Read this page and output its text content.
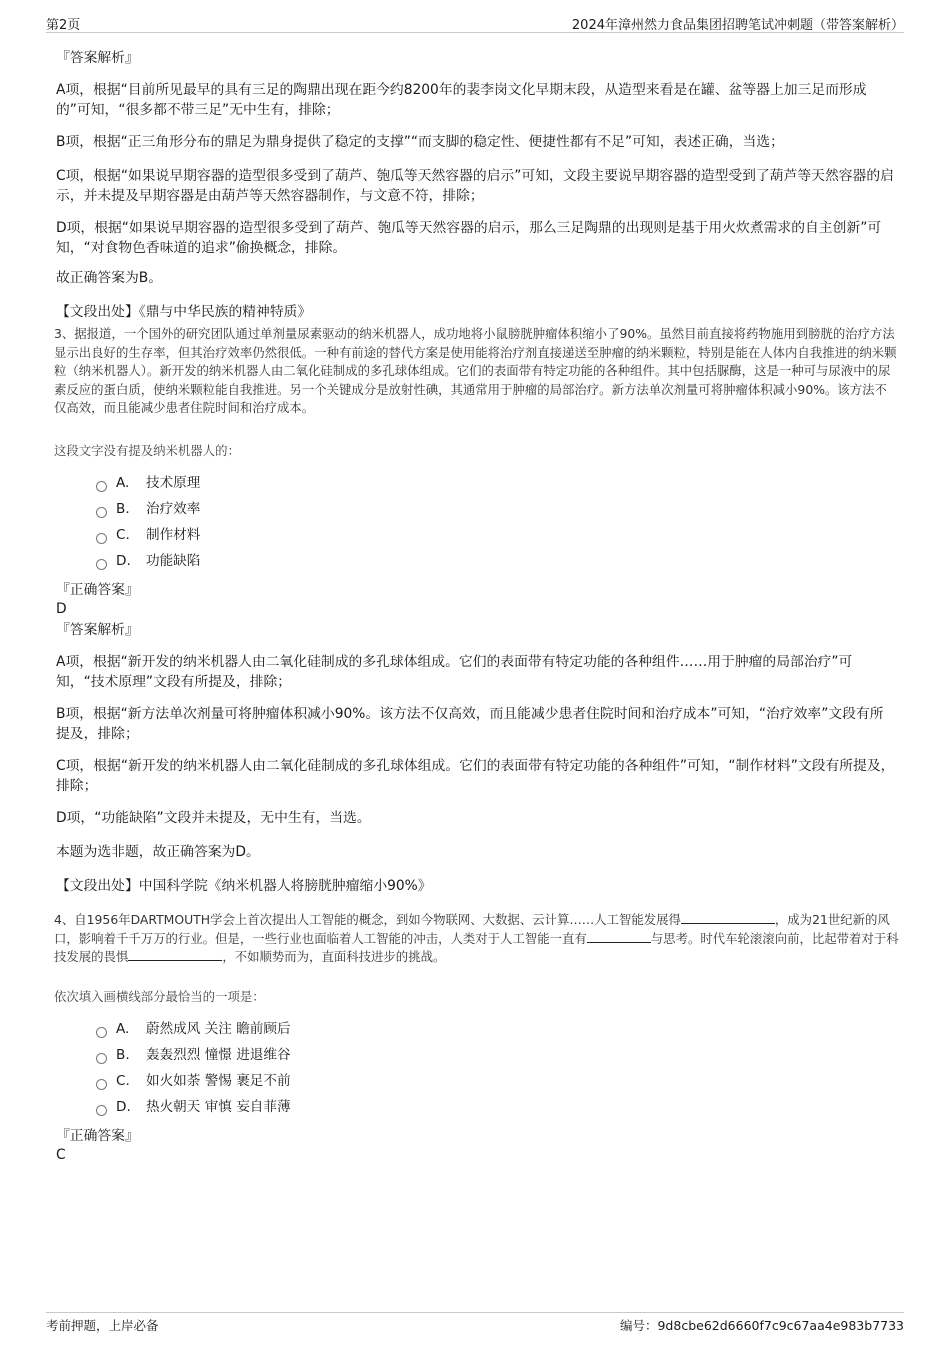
第2页	2024年漳州然力食品集团招聘笔试冲刺题（带答案解析）

『答案解析』

A项，根据“目前所见最早的具有三足的陶鼎出现在距今约8200年的裴李岗文化早期末段，从造型来看是在罐、盆等器上加三足而形成的”可知，“很多都不带三足”无中生有，排除；

B项，根据“正三角形分布的鼎足为鼎身提供了稳定的支撑”“而支脚的稳定性、便捷性都有不足”可知，表述正确，当选；

C项，根据“如果说早期容器的造型很多受到了葫芦、匏瓜等天然容器的启示”可知，文段主要说早期容器的造型受到了葫芦等天然容器的启示，并未提及早期容器是由葫芦等天然容器制作，与文意不符，排除；

D项，根据“如果说早期容器的造型很多受到了葫芦、匏瓜等天然容器的启示，那么三足陶鼎的出现则是基于用火炊煮需求的自主创新”可知，“对食物色香味道的追求”偷换概念，排除。

故正确答案为B。

【文段出处】《鼎与中华民族的精神特质》

3、据报道，一个国外的研究团队通过单剂量尿素驱动的纳米机器人，成功地将小鼠膀胱肿瘤体积缩小了90%。虽然目前直接将药物施用到膀胱的治疗方法显示出良好的生存率，但其治疗效率仍然很低。一种有前途的替代方案是使用能将治疗剂直接递送至肿瘤的纳米颗粒，特别是能在人体内自我推进的纳米颗粒（纳米机器人）。新开发的纳米机器人由二氧化硅制成的多孔球体组成。它们的表面带有特定功能的各种组件。其中包括脲酶，这是一种可与尿液中的尿素反应的蛋白质，使纳米颗粒能自我推进。另一个关键成分是放射性碘，其通常用于肿瘤的局部治疗。新方法单次剂量可将肿瘤体积减小90%。该方法不仅高效，而且能减少患者住院时间和治疗成本。

这段文字没有提及纳米机器人的：

A.	技术原理
B.	治疗效率
C.	制作材料
D.	功能缺陷

『正确答案』

D

『答案解析』

A项，根据“新开发的纳米机器人由二氧化硅制成的多孔球体组成。它们的表面带有特定功能的各种组件……用于肿瘤的局部治疗”可知，“技术原理”文段有所提及，排除；

B项，根据“新方法单次剂量可将肿瘤体积减小90%。该方法不仅高效，而且能减少患者住院时间和治疗成本”可知，“治疗效率”文段有所提及，排除；

C项，根据“新开发的纳米机器人由二氧化硅制成的多孔球体组成。它们的表面带有特定功能的各种组件”可知，“制作材料”文段有所提及，排除；

D项，“功能缺陷”文段并未提及，无中生有，当选。

本题为选非题，故正确答案为D。

【文段出处】中国科学院《纳米机器人将膀胱肿瘤缩小90%》

4、自1956年DARTMOUTH学会上首次提出人工智能的概念，到如今物联网、大数据、云计算……人工智能发展得	，成为21世纪新的风口，影响着千千万万的行业。但是，一些行业也面临着人工智能的冲击，人类对于人工智能一直有	与思考。时代车轮滚滚向前，比起带着对于科技发展的畏惧	，不如顺势而为，直面科技进步的挑战。

依次填入画横线部分最恰当的一项是：

A.	蔚然成风 关注 瞻前顾后
B.	轰轰烈烈 憧憬 进退维谷
C.	如火如荼 警惕 裹足不前
D.	热火朝天 审慎 妄自菲薄

『正确答案』

C

考前押题，上岸必备	编号：9d8cbe62d6660f7c9c67aa4e983b7733
